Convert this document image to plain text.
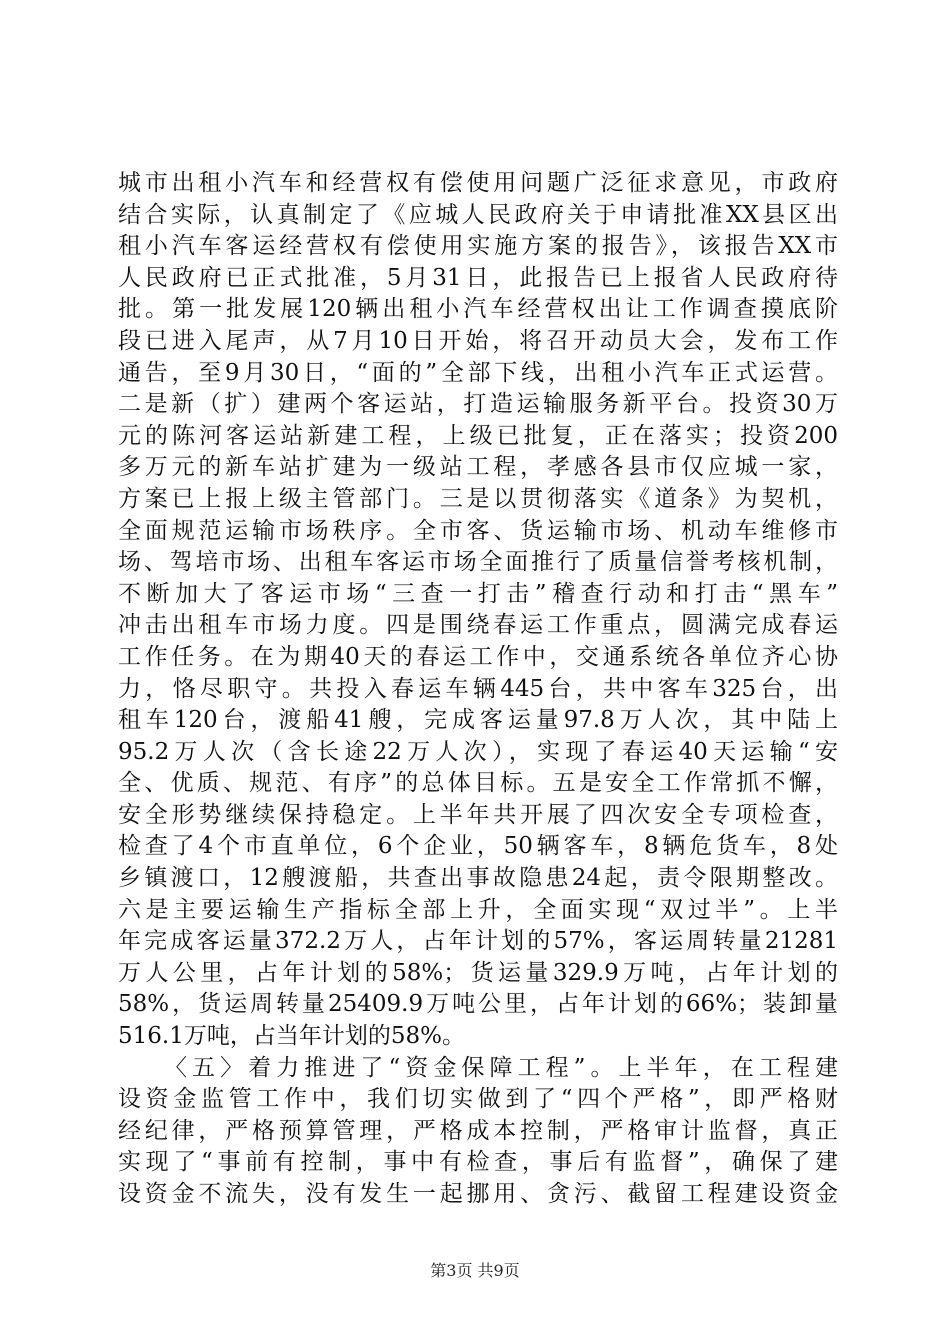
城市出租小汽车和经营权有偿使用问题广泛征求意见，市政府
结合实际，认真制定了《应城人民政府关于申请批准XX县区出
租小汽车客运经营权有偿使用实施方案的报告》，该报告XX市
人民政府已正式批准，5月31日，此报告已上报省人民政府待
批。第一批发展120辆出租小汽车经营权出让工作调查摸底阶
段已进入尾声，从7月10日开始，将召开动员大会，发布工作
通告，至9月30日，“面的”全部下线，出租小汽车正式运营。
二是新（扩）建两个客运站，打造运输服务新平台。投资30万
元的陈河客运站新建工程，上级已批复，正在落实；投资200
多万元的新车站扩建为一级站工程，孝感各县市仅应城一家，
方案已上报上级主管部门。三是以贯彻落实《道条》为契机，
全面规范运输市场秩序。全市客、货运输市场、机动车维修市
场、驾培市场、出租车客运市场全面推行了质量信誉考核机制，
不断加大了客运市场“三查一打击”稽查行动和打击“黑车”
冲击出租车市场力度。四是围绕春运工作重点，圆满完成春运
工作任务。在为期40天的春运工作中，交通系统各单位齐心协
力，恪尽职守。共投入春运车辆445台，共中客车325台，出
租车120台，渡船41艘，完成客运量97.8万人次，其中陆上
95.2万人次（含长途22万人次），实现了春运40天运输“安
全、优质、规范、有序”的总体目标。五是安全工作常抓不懈，
安全形势继续保持稳定。上半年共开展了四次安全专项检查，
检查了4个市直单位，6个企业，50辆客车，8辆危货车，8处
乡镇渡口，12艘渡船，共查出事故隐患24起，责令限期整改。
六是主要运输生产指标全部上升，全面实现“双过半”。上半
年完成客运量372.2万人，占年计划的57%，客运周转量21281
万人公里，占年计划的58%；货运量329.9万吨，占年计划的
58%，货运周转量25409.9万吨公里，占年计划的66%；装卸量
516.1万吨，占当年计划的58%。
〈五〉着力推进了“资金保障工程”。上半年，在工程建
设资金监管工作中，我们切实做到了“四个严格”，即严格财
经纪律，严格预算管理，严格成本控制，严格审计监督，真正
实现了“事前有控制，事中有检查，事后有监督”，确保了建
设资金不流失，没有发生一起挪用、贪污、截留工程建设资金
第3页 共9页
